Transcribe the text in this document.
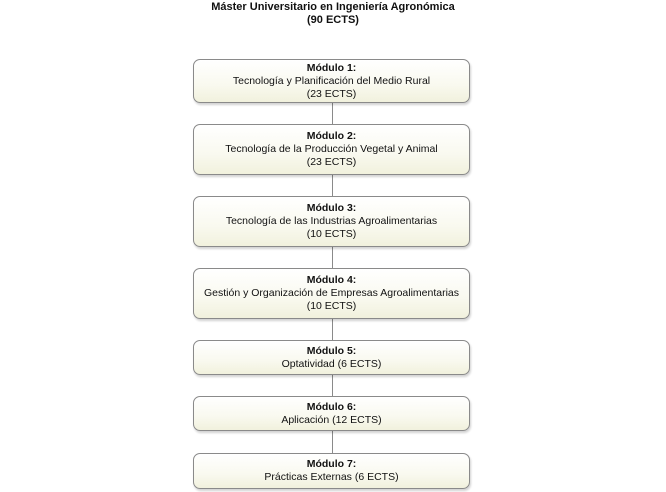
Máster Universitario en Ingeniería Agronómica
(90 ECTS)
Módulo 1:
Tecnología y Planificación del Medio Rural
(23 ECTS)
Módulo 2:
Tecnología de la Producción Vegetal y Animal
(23 ECTS)
Módulo 3:
Tecnología de las Industrias Agroalimentarias
(10 ECTS)
Módulo 4:
Gestión y Organización de Empresas Agroalimentarias
(10 ECTS)
Módulo 5:
Optatividad (6 ECTS)
Módulo 6:
Aplicación (12 ECTS)
Módulo 7:
Prácticas Externas (6 ECTS)
